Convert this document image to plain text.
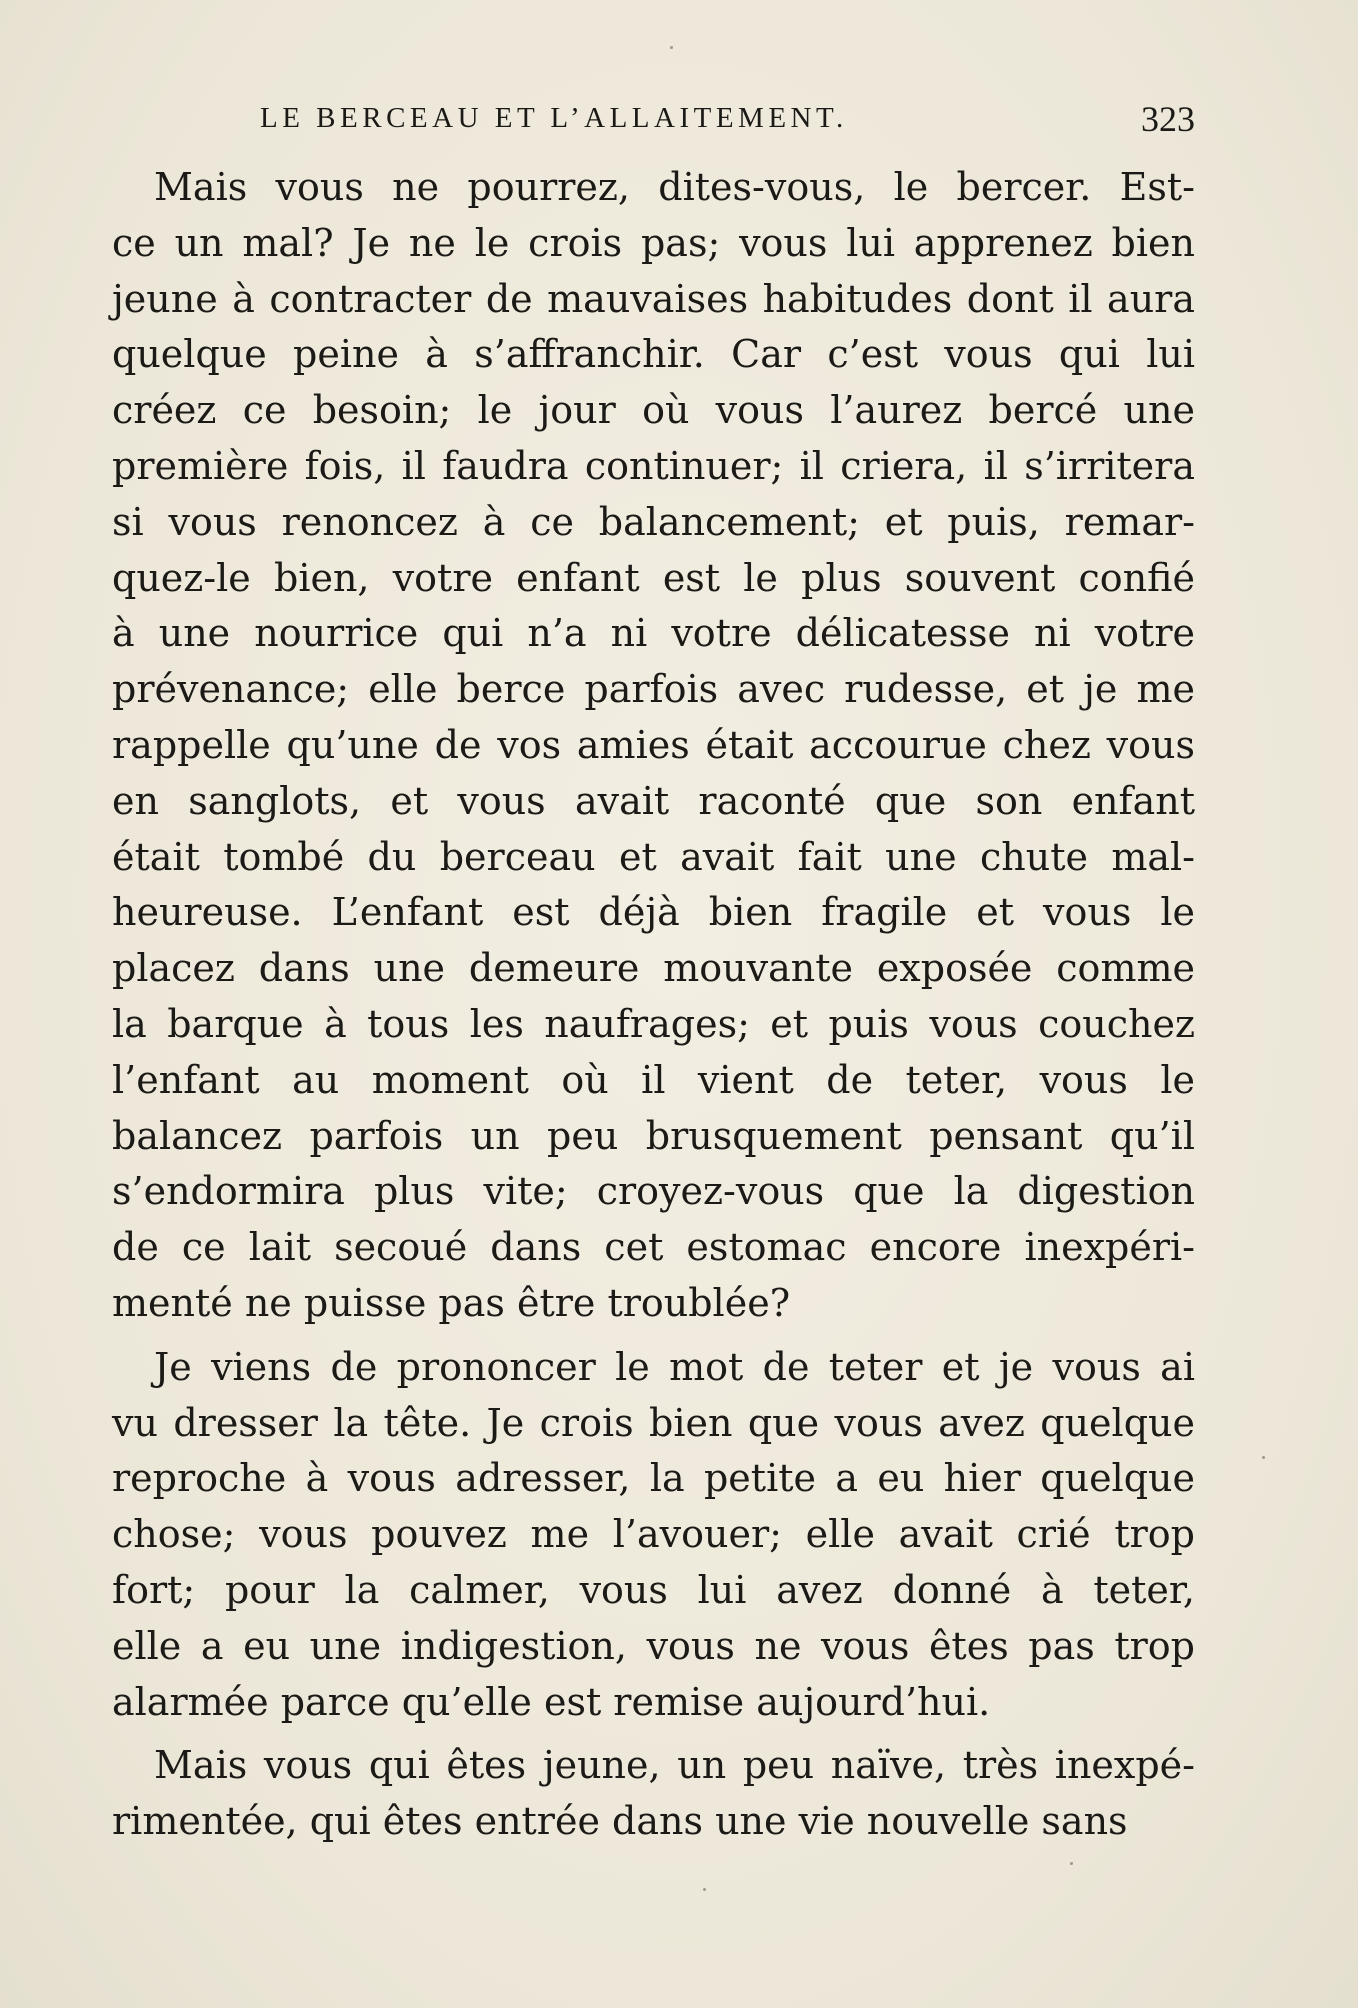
LE BERCEAU ET L’ALLAITEMENT.	323
Mais vous ne pourrez, dites-vous, le bercer. Est-
ce un mal? Je ne le crois pas; vous lui apprenez bien
jeune à contracter de mauvaises habitudes dont il aura
quelque peine à s’affranchir. Car c’est vous qui lui
créez ce besoin; le jour où vous l’aurez bercé une
première fois, il faudra continuer; il criera, il s’irritera
si vous renoncez à ce balancement; et puis, remar-
quez-le bien, votre enfant est le plus souvent confié
à une nourrice qui n’a ni votre délicatesse ni votre
prévenance; elle berce parfois avec rudesse, et je me
rappelle qu’une de vos amies était accourue chez vous
en sanglots, et vous avait raconté que son enfant
était tombé du berceau et avait fait une chute mal-
heureuse. L’enfant est déjà bien fragile et vous le
placez dans une demeure mouvante exposée comme
la barque à tous les naufrages; et puis vous couchez
l’enfant au moment où il vient de teter, vous le
balancez parfois un peu brusquement pensant qu’il
s’endormira plus vite; croyez-vous que la digestion
de ce lait secoué dans cet estomac encore inexpéri-
menté ne puisse pas être troublée?
Je viens de prononcer le mot de teter et je vous ai
vu dresser la tête. Je crois bien que vous avez quelque
reproche à vous adresser, la petite a eu hier quelque
chose; vous pouvez me l’avouer; elle avait crié trop
fort; pour la calmer, vous lui avez donné à teter,
elle a eu une indigestion, vous ne vous êtes pas trop
alarmée parce qu’elle est remise aujourd’hui.
Mais vous qui êtes jeune, un peu naïve, très inexpé-
rimentée, qui êtes entrée dans une vie nouvelle sans
